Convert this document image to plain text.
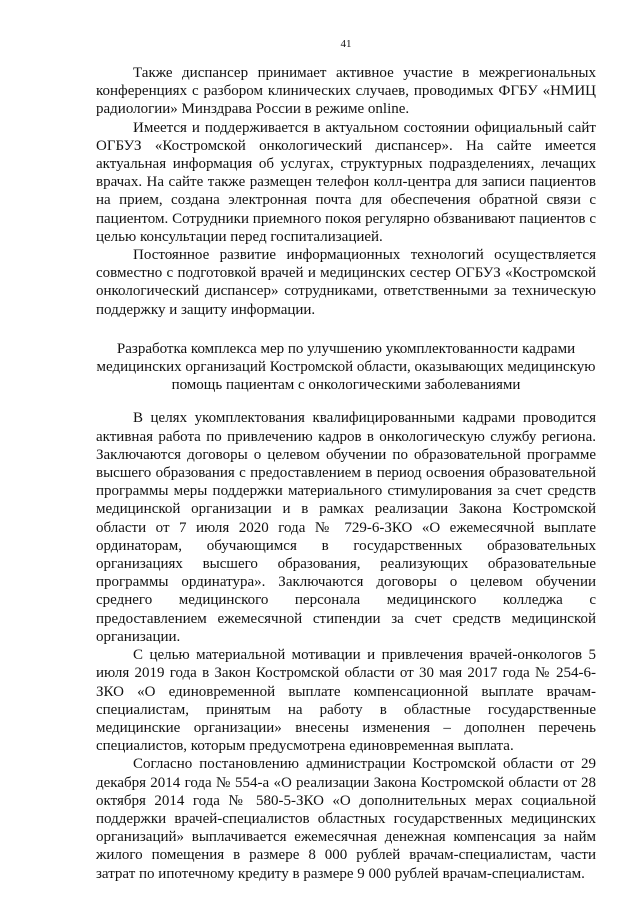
41

Также диспансер принимает активное участие в межрегиональных конференциях с разбором клинических случаев, проводимых ФГБУ «НМИЦ радиологии» Минздрава России в режиме online.

Имеется и поддерживается в актуальном состоянии официальный сайт ОГБУЗ «Костромской онкологический диспансер». На сайте имеется актуальная информация об услугах, структурных подразделениях, лечащих врачах. На сайте также размещен телефон колл-центра для записи пациентов на прием, создана электронная почта для обеспечения обратной связи с пациентом. Сотрудники приемного покоя регулярно обзванивают пациентов с целью консультации перед госпитализацией.

Постоянное развитие информационных технологий осуществляется совместно с подготовкой врачей и медицинских сестер ОГБУЗ «Костромской онкологический диспансер» сотрудниками, ответственными за техническую поддержку и защиту информации.

Разработка комплекса мер по улучшению укомплектованности кадрами
медицинских организаций Костромской области, оказывающих медицинскую
помощь пациентам с онкологическими заболеваниями

В целях укомплектования квалифицированными кадрами проводится активная работа по привлечению кадров в онкологическую службу региона. Заключаются договоры о целевом обучении по образовательной программе высшего образования с предоставлением в период освоения образовательной программы меры поддержки материального стимулирования за счет средств медицинской организации и в рамках реализации Закона Костромской области от 7 июля 2020 года № 729-6-ЗКО «О ежемесячной выплате ординаторам, обучающимся в государственных образовательных организациях высшего образования, реализующих образовательные программы ординатура». Заключаются договоры о целевом обучении среднего медицинского персонала медицинского колледжа с предоставлением ежемесячной стипендии за счет средств медицинской организации.

С целью материальной мотивации и привлечения врачей-онкологов 5 июля 2019 года в Закон Костромской области от 30 мая 2017 года № 254-6-ЗКО «О единовременной выплате компенсационной выплате врачам-специалистам, принятым на работу в областные государственные медицинские организации» внесены изменения – дополнен перечень специалистов, которым предусмотрена единовременная выплата.

Согласно постановлению администрации Костромской области от 29 декабря 2014 года № 554-а «О реализации Закона Костромской области от 28 октября 2014 года № 580-5-ЗКО «О дополнительных мерах социальной поддержки врачей-специалистов областных государственных медицинских организаций» выплачивается ежемесячная денежная компенсация за найм жилого помещения в размере 8 000 рублей врачам-специалистам, части затрат по ипотечному кредиту в размере 9 000 рублей врачам-специалистам.
